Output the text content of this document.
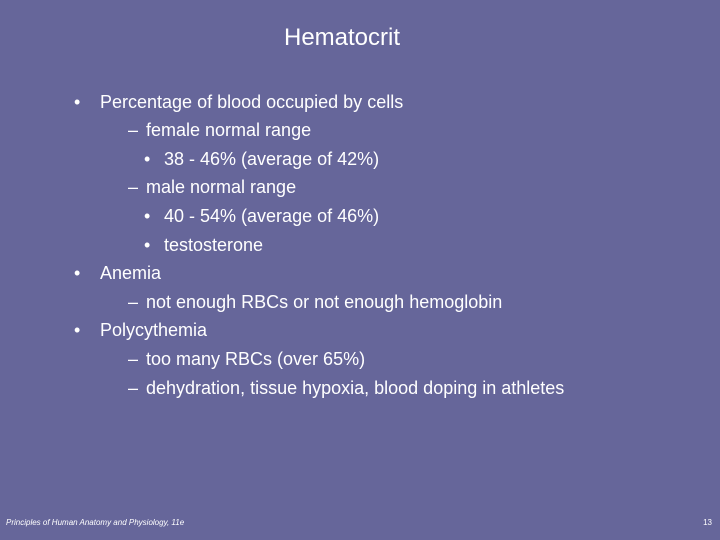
Hematocrit
• Percentage of blood occupied by cells
– female normal range
• 38 - 46% (average of 42%)
– male normal range
• 40 - 54% (average of 46%)
• testosterone
• Anemia
– not enough RBCs or not enough hemoglobin
• Polycythemia
– too many RBCs (over 65%)
– dehydration, tissue hypoxia, blood doping in athletes
Principles of Human Anatomy and Physiology, 11e	13
